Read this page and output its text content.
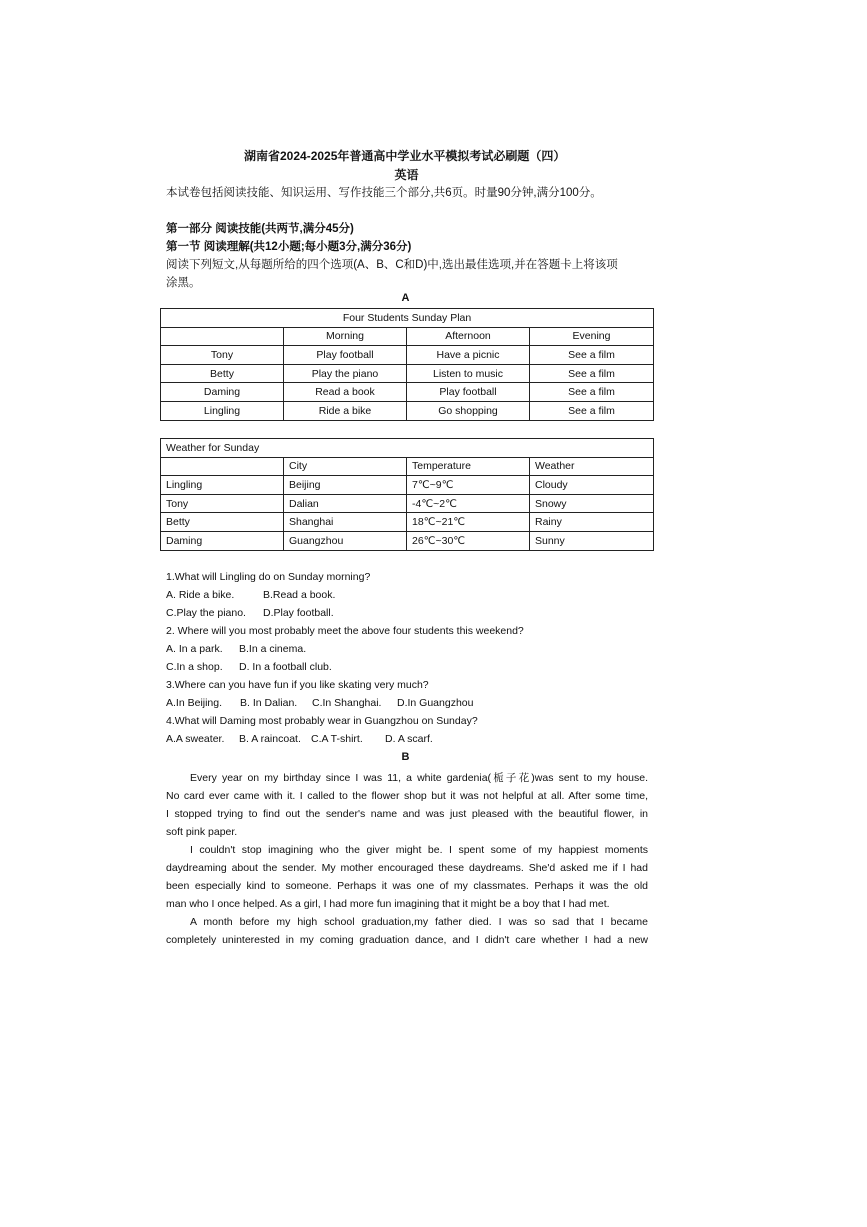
湖南省2024-2025年普通高中学业水平模拟考试必刷题（四）
英语
本试卷包括阅读技能、知识运用、写作技能三个部分,共6页。时量90分钟,满分100分。
第一部分 阅读技能(共两节,满分45分)
第一节 阅读理解(共12小题;每小题3分,满分36分)
阅读下列短文,从每题所给的四个选项(A、B、C和D)中,选出最佳选项,并在答题卡上将该项
涂黑。
A
Four Students Sunday Plan			
	Morning	Afternoon	Evening
Tony	Play football	Have a picnic	See a film
Betty	Play the piano	Listen to music	See a film
Daming	Read a book	Play football	See a film
Lingling	Ride a bike	Go shopping	See a film
Weather for Sunday			
	City	Temperature	Weather
Lingling	Beijing	7℃~9℃	Cloudy
Tony	Dalian	-4℃~2℃	Snowy
Betty	Shanghai	18℃~21℃	Rainy
Daming	Guangzhou	26℃~30℃	Sunny
1.What will Lingling do on Sunday morning?
A. Ride a bike.	B.Read a book.
C.Play the piano. D.Play football.
2. Where will you most probably meet the above four students this weekend?
A. In a park. B.In a cinema.
C.In a shop. D. In a football club.
3.Where can you have fun if you like skating very much?
A.In Beijing. B. In Dalian. C.In Shanghai. D.In Guangzhou
4.What will Daming most probably wear in Guangzhou on Sunday?
A.A sweater. B. A raincoat. C.A T-shirt. D. A scarf.
B
Every year on my birthday since I was 11, a white gardenia(栀子花)was sent to my house.
No card ever came with it. I called to the flower shop but it was not helpful at all. After some time,
I stopped trying to find out the sender's name and was just pleased with the beautiful flower, in
soft pink paper.
I couldn't stop imagining who the giver might be. I spent some of my happiest moments
daydreaming about the sender. My mother encouraged these daydreams. She'd asked me if I had
been especially kind to someone. Perhaps it was one of my classmates. Perhaps it was the old
man who I once helped. As a girl, I had more fun imagining that it might be a boy that I had met.
A month before my high school graduation,my father died. I was so sad that I became
completely uninterested in my coming graduation dance, and I didn't care whether I had a new
